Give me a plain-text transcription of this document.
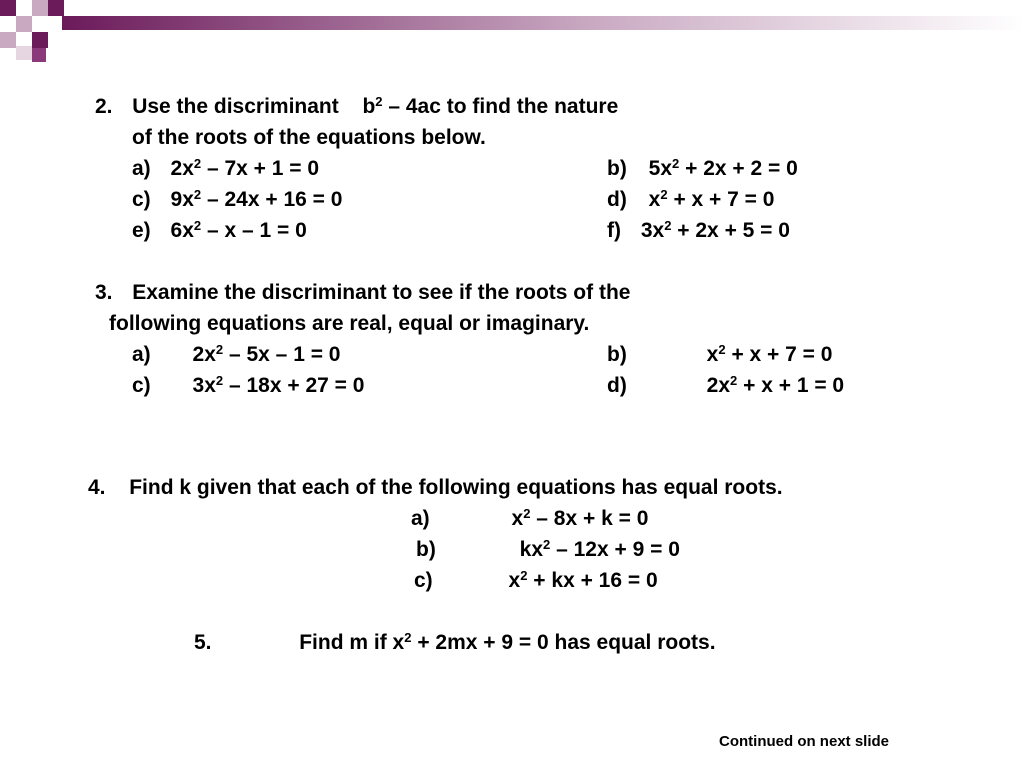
2. Use the discriminant $b^2 - 4ac$ to find the nature
of the roots of the equations below.
a) $2x^2 - 7x + 1 = 0$	b) $5x^2 + 2x + 2 = 0$
c) $9x^2 - 24x + 16 = 0$	d) $x^2 + x + 7 = 0$
e) $6x^2 - x - 1 = 0$	f) $3x^2 + 2x + 5 = 0$
3. Examine the discriminant to see if the roots of the
following equations are real, equal or imaginary.
a) $2x^2 - 5x - 1 = 0$	b)	$x^2 + x + 7 = 0$
c) $3x^2 - 18x + 27 = 0$	d)	$2x^2 + x + 1 = 0$
4. Find k given that each of the following equations has equal roots.
a)	$x^2 - 8x + k = 0$
b)	$kx^2 - 12x + 9 = 0$
c)	$x^2$ + kx + 16 = 0
5.	Find m if $x^2 + 2mx + 9 = 0$ has equal roots.
Continued on next slide
